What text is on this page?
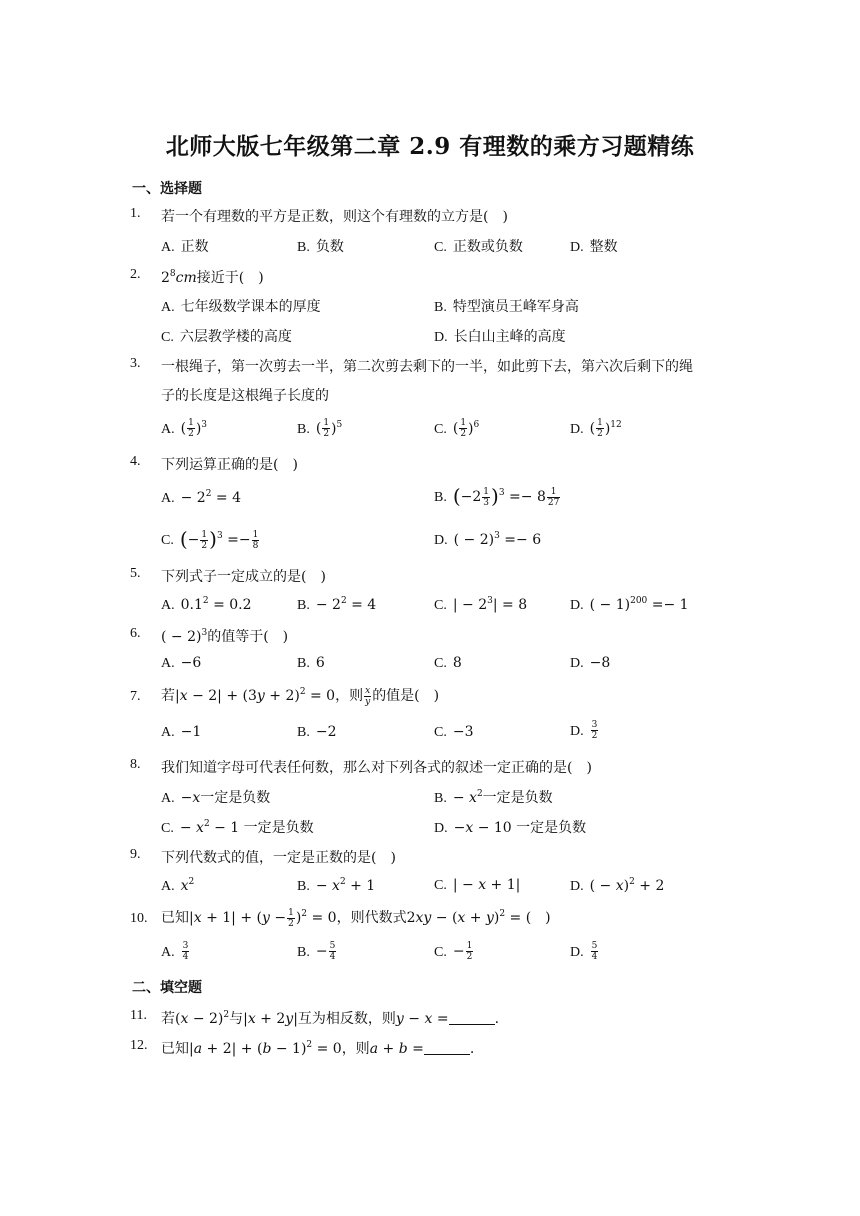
北师大版七年级第二章 2.9 有理数的乘方习题精练
一、选择题
1. 若一个有理数的平方是正数，则这个有理数的立方是(　)
A. 正数	B. 负数	C. 正数或负数	D. 整数
2. $2^8cm$接近于(　)
A. 七年级数学课本的厚度	B. 特型演员王峰军身高
C. 六层教学楼的高度	D. 长白山主峰的高度
3. 一根绳子，第一次剪去一半，第二次剪去剩下的一半，如此剪下去，第六次后剩下的绳
子的长度是这根绳子长度的
A. ( $\frac{1}{2} )^3$	B. ( $\frac{1}{2} )^5$	C. ( $\frac{1}{2} )^6$	D. ( $\frac{1}{2} )^{12}$
4. 下列运算正确的是(　)
A. − $2^2 = 4$	B. $(-2 \frac{1}{3} )^3 =- 8 \frac{1}{27}$
C. (− $\frac{1}{2} )^3 =- \frac{1}{8}$	D. ( − 2)$^3$ =− 6
5. 下列式子一定成立的是(　)
A. $0.1^2 = 0.2$	B. − $2^2 = 4$	C. | − $2^3| = 8$	D. ( − 1)$^{200}$ =− 1
6. ( − 2)$^3$的值等于(　)
A. −6	B. 6	C. 8	D. −8
7. 若$|x - 2| + (3y + 2)^2 = 0$，则 $\frac{x}{y}$ 的值是(　)
A. −1	B. −2	C. −3	D. $\frac{3}{2}$
8. 我们知道字母可代表任何数，那么对下列各式的叙述一定正确的是(　)
A. −x一定是负数	B. − $x^2$一定是负数
C. − $x^2 - 1$ 一定是负数	D. −x − 10 一定是负数
9. 下列代数式的值，一定是正数的是(　)
A. $x^2$	B. − $x^2 + 1$	C. | − x + 1|	D. ( − x)$^2$ + 2
10. 已知$|x + 1| + (y - \frac{1}{2} )^2 = 0$，则代数式$2xy - (x + y)^2$ = (　)
A. $\frac{3}{4}$	B. − $\frac{5}{4}$	C. − $\frac{1}{2}$	D. $\frac{5}{4}$
二、填空题
11. 若$(x - 2)^2$与|x + 2y|互为相反数，则y − x =	.
12. 已知$|a + 2| + (b - 1)^2 = 0$，则a + b =	.
